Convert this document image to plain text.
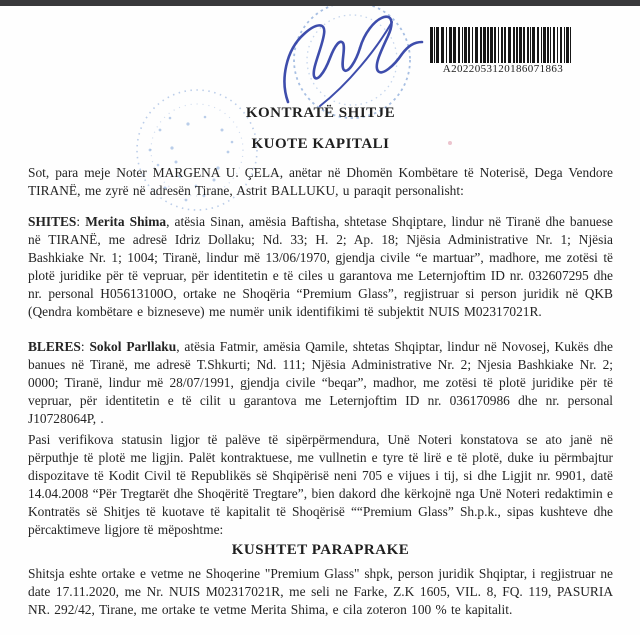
A2022053120186071863
KONTRATË SHITJE
KUOTE KAPITALI

Sot, para meje Noter MARGENA U. ÇELA, anëtar në Dhomën Kombëtare të Noterisë, Dega Vendore TIRANË, me zyrë në adresën Tirane, Astrit BALLUKU, u paraqit personalisht:

SHITES: Merita Shima, atësia Sinan, amësia Baftisha, shtetase Shqiptare, lindur në Tiranë dhe banuese në TIRANË, me adresë Idriz Dollaku; Nd. 33; H. 2; Ap. 18; Njësia Administrative Nr. 1; Njësia Bashkiake Nr. 1; 1004; Tiranë, lindur më 13/06/1970, gjendja civile “e martuar”, madhore, me zotësi të plotë juridike për të vepruar, për identitetin e të ciles u garantova me Leternjoftim ID nr. 032607295 dhe nr. personal H05613100O, ortake ne Shoqëria “Premium Glass”, regjistruar si person juridik në QKB (Qendra kombëtare e bizneseve) me numër unik identifikimi të subjektit NUIS M02317021R.

BLERES: Sokol Parllaku, atësia Fatmir, amësia Qamile, shtetas Shqiptar, lindur në Novosej, Kukës dhe banues në Tiranë, me adresë T.Shkurti; Nd. 111; Njësia Administrative Nr. 2; Njesia Bashkiake Nr. 2; 0000; Tiranë, lindur më 28/07/1991, gjendja civile “beqar”, madhor, me zotësi të plotë juridike për të vepruar, për identitetin e të cilit u garantova me Leternjoftim ID nr. 036170986 dhe nr. personal J10728064P, .

Pasi verifikova statusin ligjor të palëve të sipërpërmendura, Unë Noteri konstatova se ato janë në përputhje të plotë me ligjin. Palët kontraktuese, me vullnetin e tyre të lirë e të plotë, duke iu përmbajtur dispozitave të Kodit Civil të Republikës së Shqipërisë neni 705 e vijues i tij, si dhe Ligjit nr. 9901, datë 14.04.2008 “Për Tregtarët dhe Shoqëritë Tregtare”, bien dakord dhe kërkojnë nga Unë Noteri redaktimin e Kontratës së Shitjes të kuotave të kapitalit të Shoqërisë ““Premium Glass” Sh.p.k., sipas kushteve dhe përcaktimeve ligjore të mëposhtme:

KUSHTET PARAPRAKE

Shitsja eshte ortake e vetme ne Shoqerine "Premium Glass" shpk, person juridik Shqiptar, i regjistruar ne date 17.11.2020, me Nr. NUIS M02317021R, me seli ne Farke, Z.K 1605, VIL. 8, FQ. 119, PASURIA NR. 292/42, Tirane, me ortake te vetme Merita Shima, e cila zoteron 100 % te kapitalit.
